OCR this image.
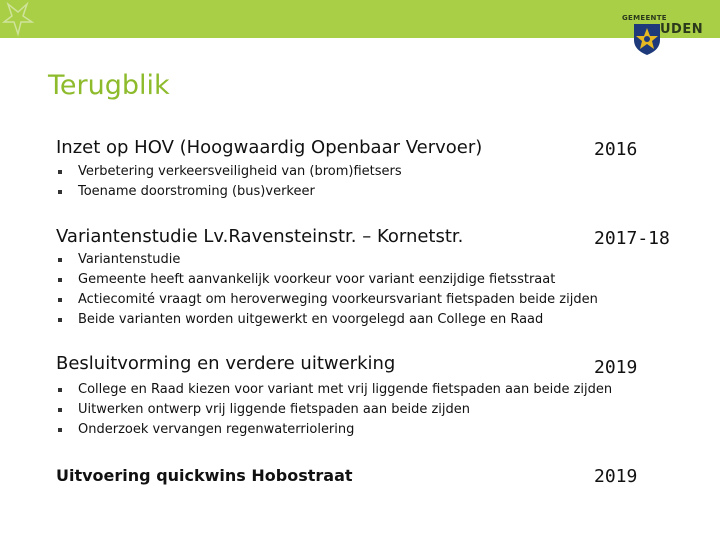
GEMEENTE
UDEN
Terugblik
Inzet op HOV (Hoogwaardig Openbaar Vervoer)	2016
Verbetering verkeersveiligheid van (brom)fietsers
Toename doorstroming (bus)verkeer
Variantenstudie Lv.Ravensteinstr. – Kornetstr.	2017-18
Variantenstudie
Gemeente heeft aanvankelijk voorkeur voor variant eenzijdige fietsstraat
Actiecomité vraagt om heroverweging voorkeursvariant fietspaden beide zijden
Beide varianten worden uitgewerkt en voorgelegd aan College en Raad
Besluitvorming en verdere uitwerking	2019
College en Raad kiezen voor variant met vrij liggende fietspaden aan beide zijden
Uitwerken ontwerp vrij liggende fietspaden aan beide zijden
Onderzoek vervangen regenwaterriolering
Uitvoering quickwins Hobostraat	2019
